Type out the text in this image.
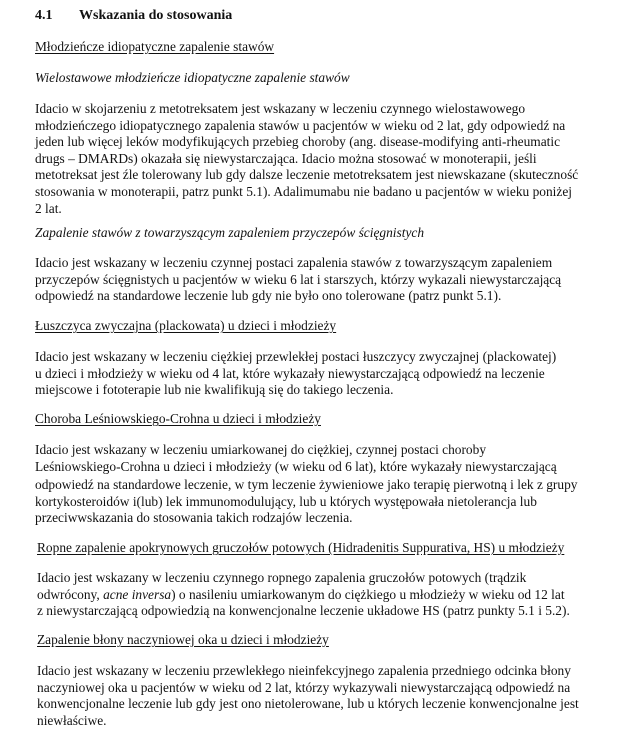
4.1 Wskazania do stosowania
Młodzieńcze idiopatyczne zapalenie stawów
Wielostawowe młodzieńcze idiopatyczne zapalenie stawów
Idacio w skojarzeniu z metotreksatem jest wskazany w leczeniu czynnego wielostawowego
młodzieńczego idiopatycznego zapalenia stawów u pacjentów w wieku od 2 lat, gdy odpowiedź na
jeden lub więcej leków modyfikujących przebieg choroby (ang. disease-modifying anti-rheumatic
drugs – DMARDs) okazała się niewystarczająca. Idacio można stosować w monoterapii, jeśli
metotreksat jest źle tolerowany lub gdy dalsze leczenie metotreksatem jest niewskazane (skuteczność
stosowania w monoterapii, patrz punkt 5.1). Adalimumabu nie badano u pacjentów w wieku poniżej
2 lat.
Zapalenie stawów z towarzyszącym zapaleniem przyczepów ścięgnistych
Idacio jest wskazany w leczeniu czynnej postaci zapalenia stawów z towarzyszącym zapaleniem
przyczepów ścięgnistych u pacjentów w wieku 6 lat i starszych, którzy wykazali niewystarczającą
odpowiedź na standardowe leczenie lub gdy nie było ono tolerowane (patrz punkt 5.1).
Łuszczyca zwyczajna (plackowata) u dzieci i młodzieży
Idacio jest wskazany w leczeniu ciężkiej przewlekłej postaci łuszczycy zwyczajnej (plackowatej)
u dzieci i młodzieży w wieku od 4 lat, które wykazały niewystarczającą odpowiedź na leczenie
miejscowe i fototerapie lub nie kwalifikują się do takiego leczenia.
Choroba Leśniowskiego-Crohna u dzieci i młodzieży
Idacio jest wskazany w leczeniu umiarkowanej do ciężkiej, czynnej postaci choroby
Leśniowskiego-Crohna u dzieci i młodzieży (w wieku od 6 lat), które wykazały niewystarczającą
odpowiedź na standardowe leczenie, w tym leczenie żywieniowe jako terapię pierwotną i lek z grupy
kortykosteroidów i(lub) lek immunomodulujący, lub u których występowała nietolerancja lub
przeciwwskazania do stosowania takich rodzajów leczenia.
Ropne zapalenie apokrynowych gruczołów potowych (Hidradenitis Suppurativa, HS) u młodzieży
Idacio jest wskazany w leczeniu czynnego ropnego zapalenia gruczołów potowych (trądzik
odwrócony, acne inversa) o nasileniu umiarkowanym do ciężkiego u młodzieży w wieku od 12 lat
z niewystarczającą odpowiedzią na konwencjonalne leczenie układowe HS (patrz punkty 5.1 i 5.2).
Zapalenie błony naczyniowej oka u dzieci i młodzieży
Idacio jest wskazany w leczeniu przewlekłego nieinfekcyjnego zapalenia przedniego odcinka błony
naczyniowej oka u pacjentów w wieku od 2 lat, którzy wykazywali niewystarczającą odpowiedź na
konwencjonalne leczenie lub gdy jest ono nietolerowane, lub u których leczenie konwencjonalne jest
niewłaściwe.
